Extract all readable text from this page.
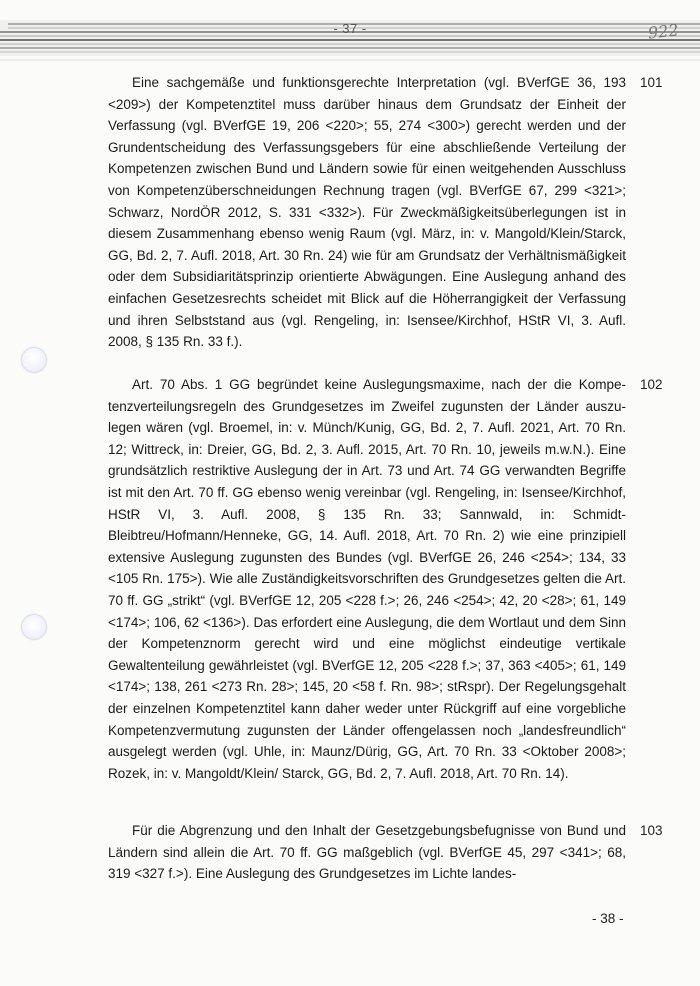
- 37 -	922

Eine sachgemäße und funktionsgerechte Interpretation (vgl. BVerfGE 36, 193 <209>) der Kompetenztitel muss darüber hinaus dem Grundsatz der Einheit der Verfassung (vgl. BVerfGE 19, 206 <220>; 55, 274 <300>) gerecht werden und der Grundentscheidung des Verfassungsgebers für eine abschließende Verteilung der Kompetenzen zwischen Bund und Ländern sowie für einen weitgehenden Ausschluss von Kompetenzüberschneidungen Rechnung tragen (vgl. BVerfGE 67, 299 <321>; Schwarz, NordÖR 2012, S. 331 <332>). Für Zweckmäßigkeitsüberlegungen ist in diesem Zusammenhang ebenso wenig Raum (vgl. März, in: v. Mangold/Klein/Starck, GG, Bd. 2, 7. Aufl. 2018, Art. 30 Rn. 24) wie für am Grundsatz der Verhältnismäßigkeit oder dem Subsidiaritätsprinzip orientierte Abwägungen. Eine Auslegung anhand des einfachen Gesetzesrechts scheidet mit Blick auf die Höherrangigkeit der Verfassung und ihren Selbststand aus (vgl. Rengeling, in: Isensee/Kirchhof, HStR VI, 3. Aufl. 2008, § 135 Rn. 33 f.).

101

Art. 70 Abs. 1 GG begründet keine Auslegungsmaxime, nach der die Kompetenzverteilungsregeln des Grundgesetzes im Zweifel zugunsten der Länder auszulegen wären (vgl. Broemel, in: v. Münch/Kunig, GG, Bd. 2, 7. Aufl. 2021, Art. 70 Rn. 12; Wittreck, in: Dreier, GG, Bd. 2, 3. Aufl. 2015, Art. 70 Rn. 10, jeweils m.w.N.). Eine grundsätzlich restriktive Auslegung der in Art. 73 und Art. 74 GG verwandten Begriffe ist mit den Art. 70 ff. GG ebenso wenig vereinbar (vgl. Rengeling, in: Isensee/Kirchhof, HStR VI, 3. Aufl. 2008, § 135 Rn. 33; Sannwald, in: Schmidt-Bleibtreu/Hofmann/Henneke, GG, 14. Aufl. 2018, Art. 70 Rn. 2) wie eine prinzipiell extensive Auslegung zugunsten des Bundes (vgl. BVerfGE 26, 246 <254>; 134, 33 <105 Rn. 175>). Wie alle Zuständigkeitsvorschriften des Grundgesetzes gelten die Art. 70 ff. GG „strikt“ (vgl. BVerfGE 12, 205 <228 f.>; 26, 246 <254>; 42, 20 <28>; 61, 149 <174>; 106, 62 <136>). Das erfordert eine Auslegung, die dem Wortlaut und dem Sinn der Kompetenznorm gerecht wird und eine möglichst eindeutige vertikale Gewaltenteilung gewährleistet (vgl. BVerfGE 12, 205 <228 f.>; 37, 363 <405>; 61, 149 <174>; 138, 261 <273 Rn. 28>; 145, 20 <58 f. Rn. 98>; stRspr). Der Regelungsgehalt der einzelnen Kompetenztitel kann daher weder unter Rückgriff auf eine vorgebliche Kompetenzvermutung zugunsten der Länder offengelassen noch „landesfreundlich“ ausgelegt werden (vgl. Uhle, in: Maunz/Dürig, GG, Art. 70 Rn. 33 <Oktober 2008>; Rozek, in: v. Mangoldt/Klein/ Starck, GG, Bd. 2, 7. Aufl. 2018, Art. 70 Rn. 14).

102

Für die Abgrenzung und den Inhalt der Gesetzgebungsbefugnisse von Bund und Ländern sind allein die Art. 70 ff. GG maßgeblich (vgl. BVerfGE 45, 297 <341>; 68, 319 <327 f.>). Eine Auslegung des Grundgesetzes im Lichte landes-

103
- 38 -
